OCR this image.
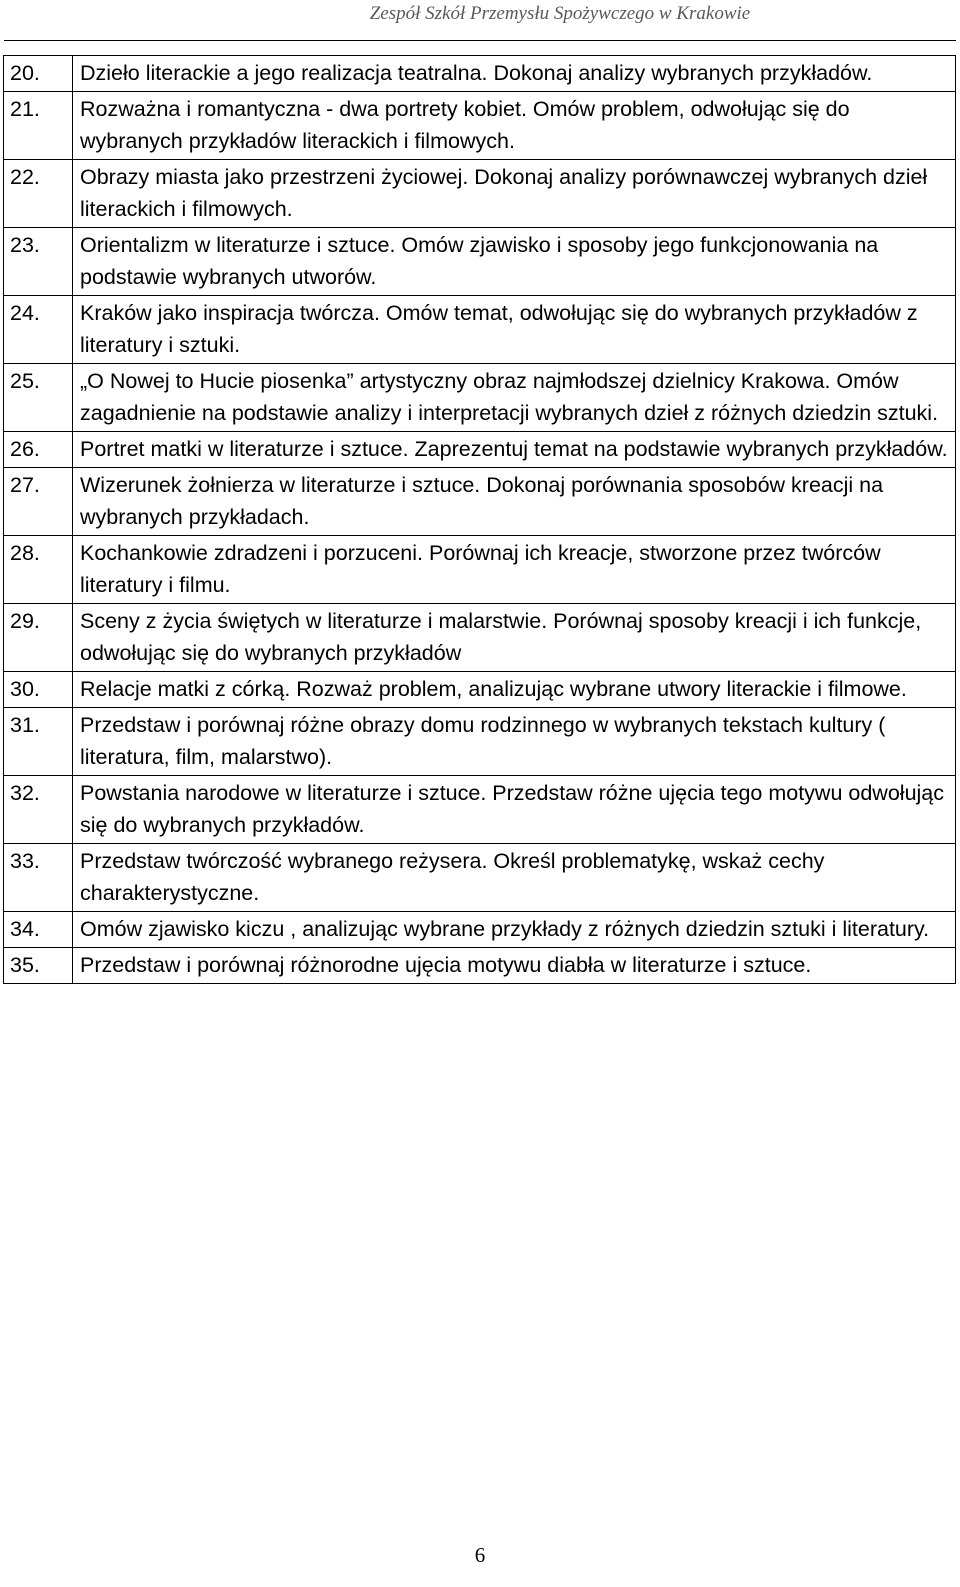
Zespół Szkół Przemysłu Spożywczego w Krakowie
20.	Dzieło literackie a jego realizacja teatralna. Dokonaj analizy wybranych przykładów.
21.	Rozważna i romantyczna - dwa portrety kobiet. Omów problem, odwołując się do wybranych przykładów literackich i filmowych.
22.	Obrazy miasta jako przestrzeni życiowej. Dokonaj analizy porównawczej wybranych dzieł literackich i filmowych.
23.	Orientalizm w literaturze i sztuce. Omów zjawisko i sposoby jego funkcjonowania na podstawie wybranych utworów.
24.	Kraków jako inspiracja twórcza. Omów temat, odwołując się do wybranych przykładów z literatury i sztuki.
25.	„O Nowej to Hucie piosenka” artystyczny obraz najmłodszej dzielnicy Krakowa. Omów zagadnienie na podstawie analizy i interpretacji wybranych dzieł z różnych dziedzin sztuki.
26.	Portret matki w literaturze i sztuce. Zaprezentuj temat na podstawie wybranych przykładów.
27.	Wizerunek żołnierza w literaturze i sztuce. Dokonaj porównania sposobów kreacji na wybranych przykładach.
28.	Kochankowie zdradzeni i porzuceni. Porównaj ich kreacje, stworzone przez twórców literatury i filmu.
29.	Sceny z życia świętych w literaturze i malarstwie. Porównaj sposoby kreacji i ich funkcje, odwołując się do wybranych przykładów
30.	Relacje matki z córką. Rozważ problem, analizując wybrane utwory literackie i filmowe.
31.	Przedstaw i porównaj różne obrazy domu rodzinnego w wybranych tekstach kultury ( literatura, film, malarstwo).
32.	Powstania narodowe w literaturze i sztuce. Przedstaw różne ujęcia tego motywu odwołując się do wybranych przykładów.
33.	Przedstaw twórczość wybranego reżysera. Określ problematykę, wskaż cechy charakterystyczne.
34.	Omów zjawisko kiczu , analizując wybrane przykłady z różnych dziedzin sztuki i literatury.
35.	Przedstaw i porównaj różnorodne ujęcia motywu diabła w literaturze i sztuce.
6
